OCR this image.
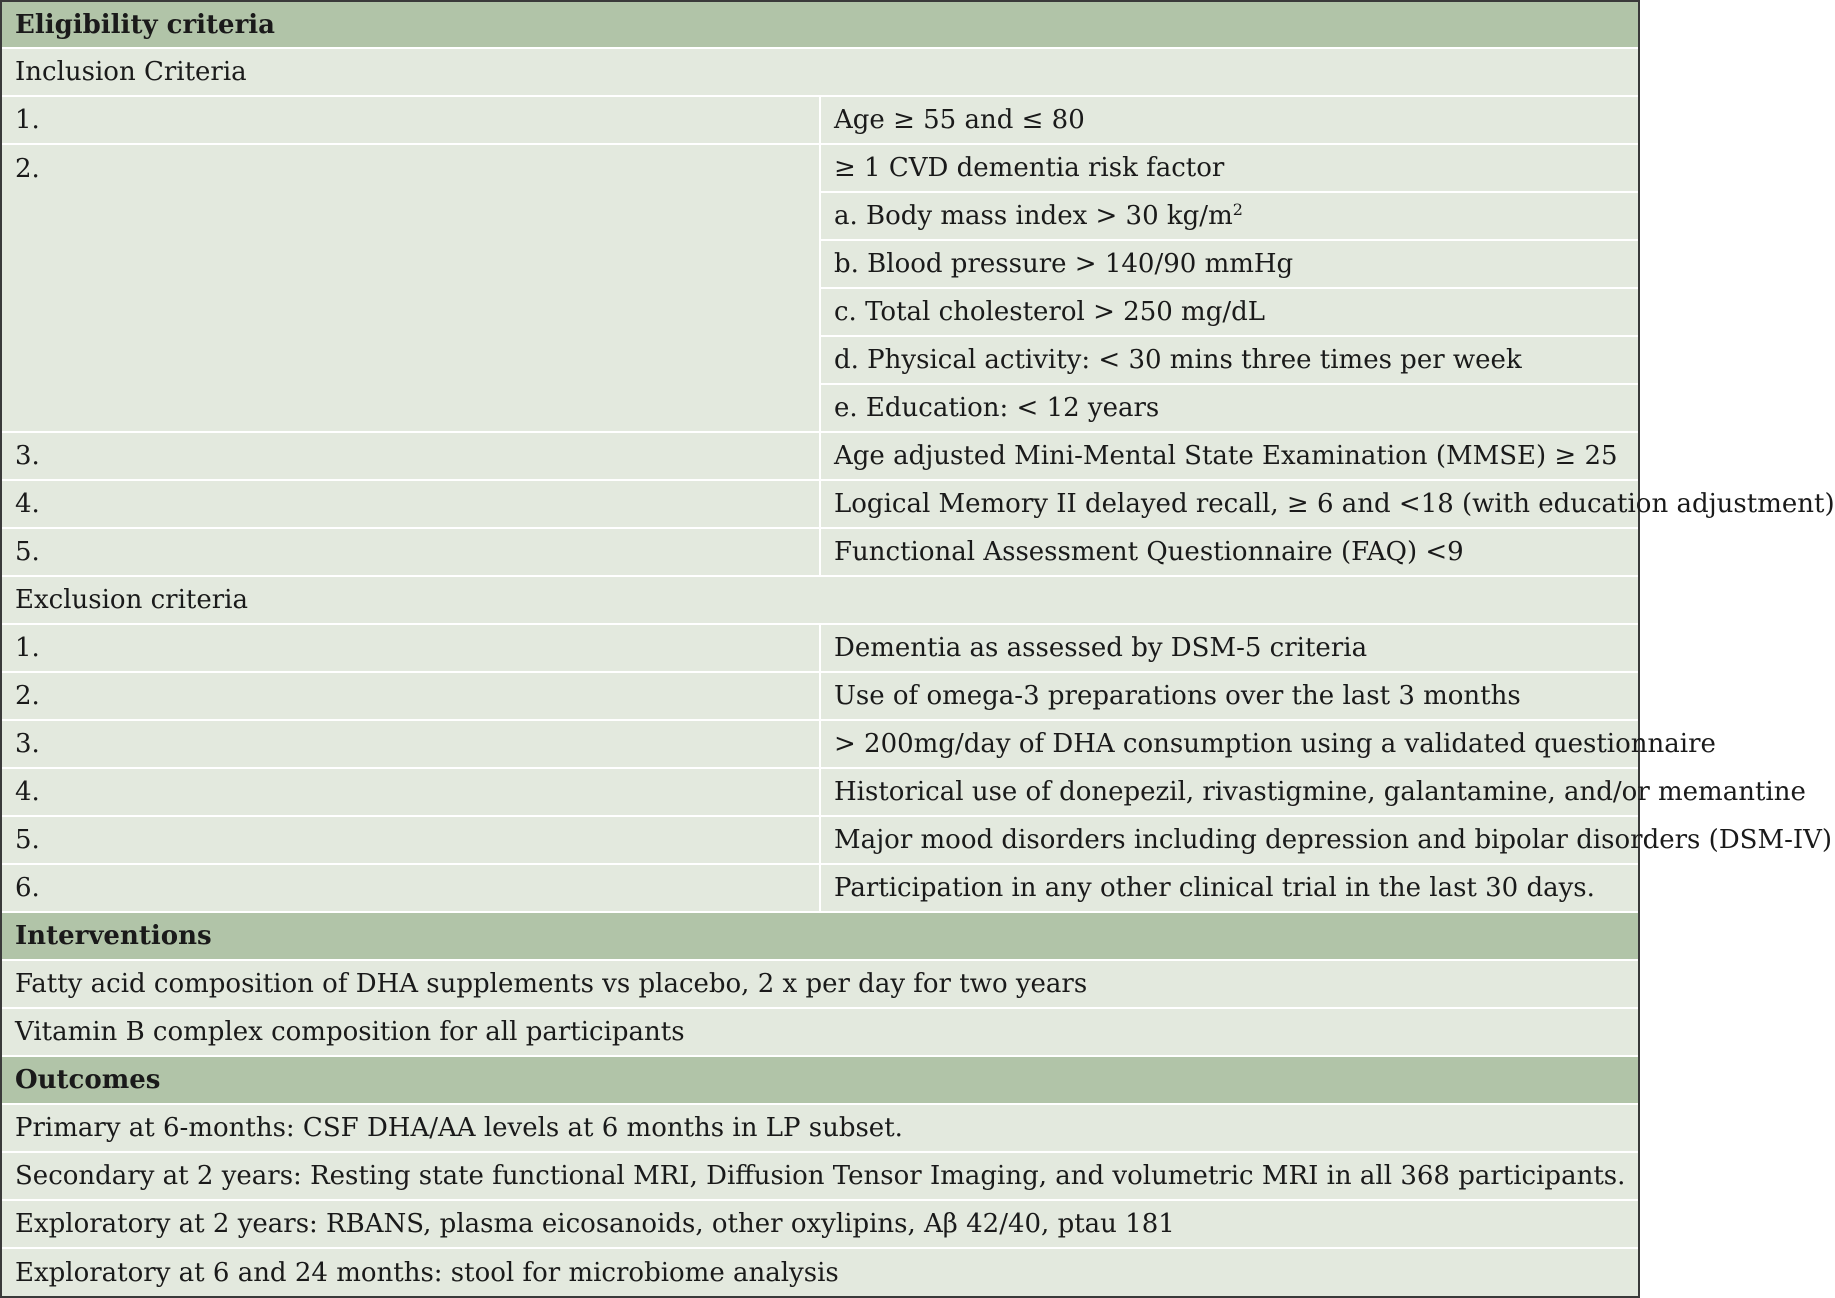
Eligibility criteria	
Inclusion Criteria	
1.	Age ≥ 55 and ≤ 80
2.	≥ 1 CVD dementia risk factor
	a. Body mass index > 30 $kg/m^2$
	b. Blood pressure > 140/90 mmHg
	c. Total cholesterol > 250 mg/dL
	d. Physical activity: < 30 mins three times per week
	e. Education: < 12 years
3.	Age adjusted Mini-Mental State Examination (MMSE) ≥ 25
4.	Logical Memory II delayed recall, ≥ 6 and <18 (with education adjustment)
5.	Functional Assessment Questionnaire (FAQ) <9
Exclusion criteria	
1.	Dementia as assessed by DSM-5 criteria
2.	Use of omega-3 preparations over the last 3 months
3.	> 200mg/day of DHA consumption using a validated questionnaire
4.	Historical use of donepezil, rivastigmine, galantamine, and/or memantine
5.	Major mood disorders including depression and bipolar disorders (DSM-IV)
6.	Participation in any other clinical trial in the last 30 days.
Interventions	
Fatty acid composition of DHA supplements vs placebo, 2 x per day for two years	
Vitamin B complex composition for all participants	
Outcomes	
Primary at 6-months: CSF DHA/AA levels at 6 months in LP subset.	
Secondary at 2 years: Resting state functional MRI, Diffusion Tensor Imaging, and volumetric MRI in all 368 participants.	
Exploratory at 2 years: RBANS, plasma eicosanoids, other oxylipins, Aβ 42/40, ptau 181	
Exploratory at 6 and 24 months: stool for microbiome analysis	
